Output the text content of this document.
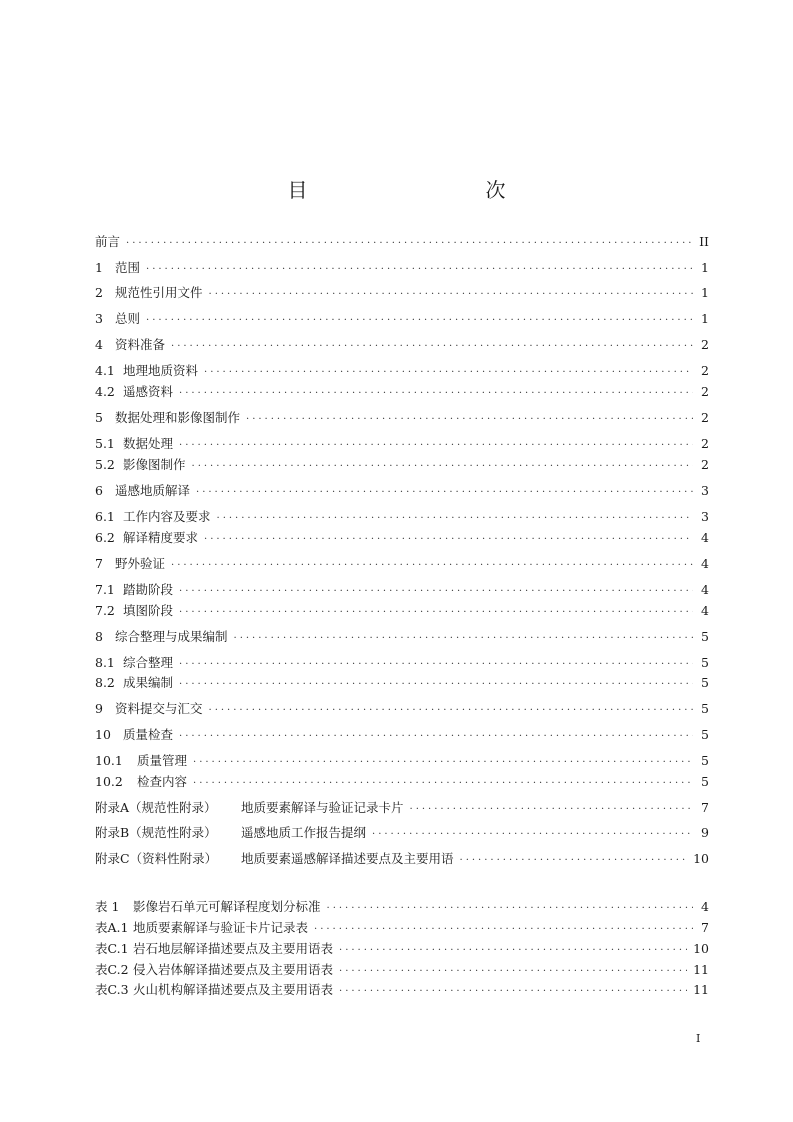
目　　次
前言 .....	II
1 范围 .....	1
2 规范性引用文件 .....	1
3 总则 .....	1
4 资料准备 .....	2
4.1 地理地质资料 .....	2
4.2 遥感资料 .....	2
5 数据处理和影像图制作 .....	2
5.1 数据处理 .....	2
5.2 影像图制作 .....	2
6 遥感地质解译 .....	3
6.1 工作内容及要求 .....	3
6.2 解译精度要求 .....	4
7 野外验证 .....	4
7.1 踏勘阶段 .....	4
7.2 填图阶段 .....	4
8 综合整理与成果编制 .....	5
8.1 综合整理 .....	5
8.2 成果编制 .....	5
9 资料提交与汇交 .....	5
10 质量检查 .....	5
10.1	质量管理 .....	5
10.2	检查内容 .....	5
附录A（规范性附录）	地质要素解译与验证记录卡片 .....	7
附录B（规范性附录）	遥感地质工作报告提纲 .....	9
附录C（资料性附录）	地质要素遥感解译描述要点及主要用语 .....	10
表 1	影像岩石单元可解译程度划分标准 .....	4
表A.1 地质要素解译与验证卡片记录表 .....	7
表C.1 岩石地层解译描述要点及主要用语表 .....	10
表C.2 侵入岩体解译描述要点及主要用语表 .....	11
表C.3 火山机构解译描述要点及主要用语表 .....	11
I
